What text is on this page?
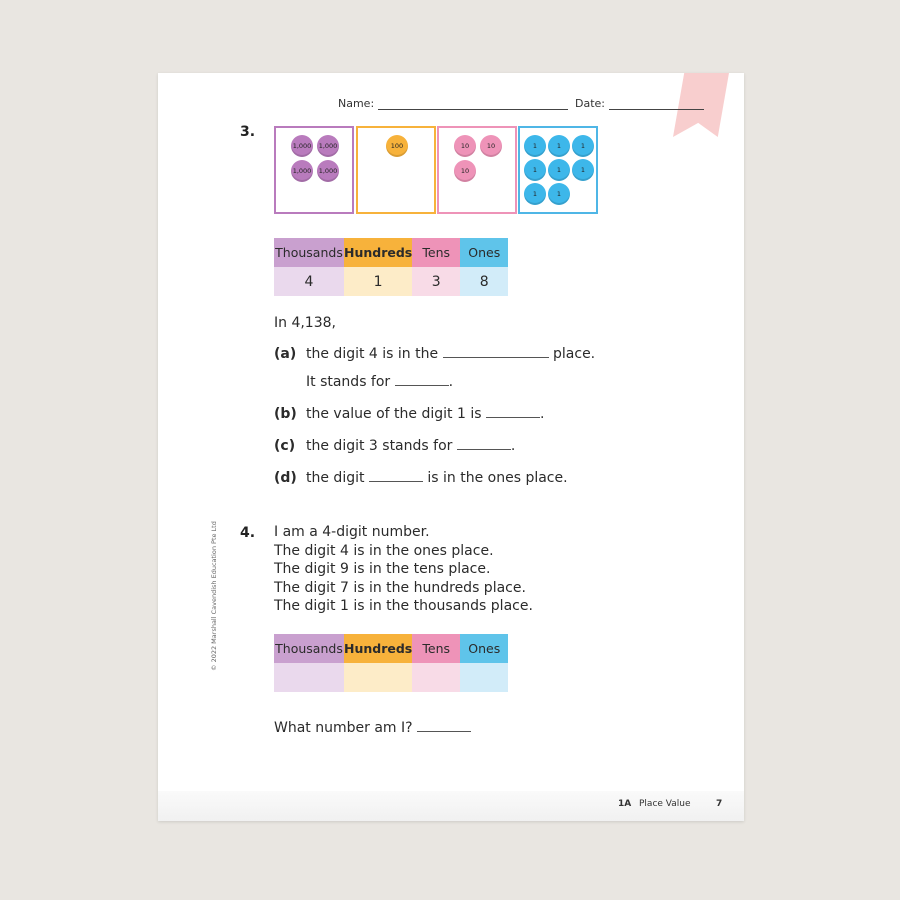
Name:	Date:
3.
1,000 1,000
1,000 1,000
100	10	10
10
1	1	1
1	1	1
1	1
Thousands	Hundreds	Tens	Ones
4	1	3	8
In 4,138,
(a) the digit 4 is in the	place.
It stands for	.
(b) the value of the digit 1 is	.
(c) the digit 3 stands for	.
(d) the digit	is in the ones place.
© 2022 Marshall Cavendish Education Pte Ltd 4. I am a 4-digit number.
The digit 4 is in the ones place.
The digit 9 is in the tens place.
The digit 7 is in the hundreds place.
The digit 1 is in the thousands place.
Thousands	Hundreds	Tens	Ones

What number am I?
1A Place Value	7
